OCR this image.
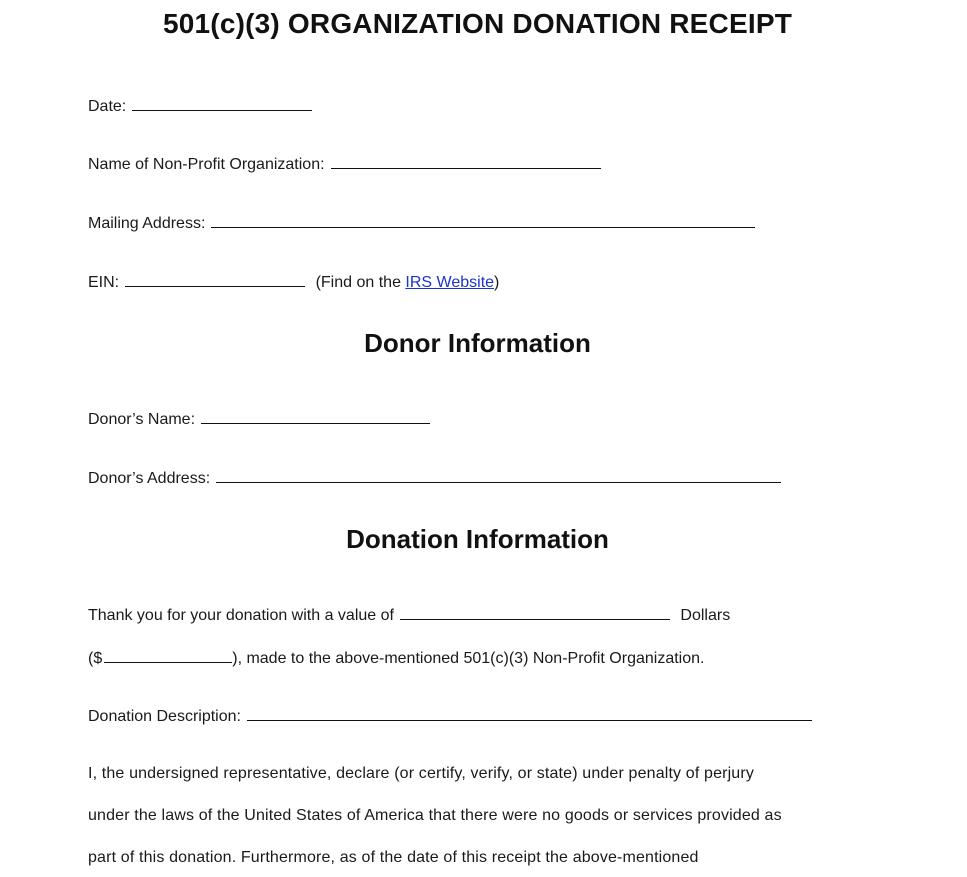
501(c)(3) ORGANIZATION DONATION RECEIPT
Date:
Name of Non-Profit Organization:
Mailing Address:
EIN:	(Find on the IRS Website)
Donor Information
Donor’s Name:
Donor’s Address:
Donation Information
Thank you for your donation with a value of	Dollars
($	), made to the above-mentioned 501(c)(3) Non-Profit Organization.
Donation Description:
I, the undersigned representative, declare (or certify, verify, or state) under penalty of perjury
under the laws of the United States of America that there were no goods or services provided as
part of this donation. Furthermore, as of the date of this receipt the above-mentioned
